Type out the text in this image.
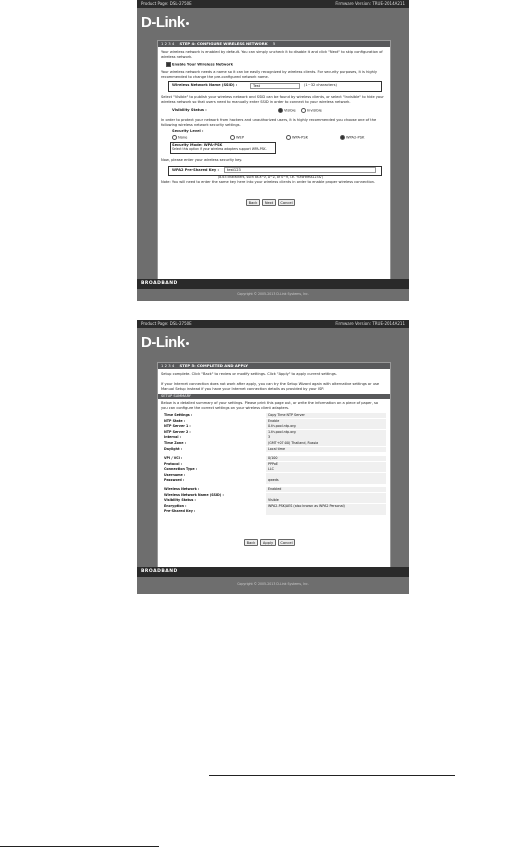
Product Page: DSL-2750E	Firmware Version: TRUE-2014A211
D-Link
1 2 3 4 STEP 4: CONFIGURE WIRELESS NETWORK 5
Your wireless network is enabled by default. You can simply uncheck it to disable it and click "Next" to skip configuration of wireless network.
Enable Your Wireless Network
Your wireless network needs a name so it can be easily recognized by wireless clients. For security purposes, it is highly recommended to change the pre-configured network name.
Wireless Network Name (SSID) :	Test	(1~32 characters)
Select "Visible" to publish your wireless network and SSID can be found by wireless clients, or select "Invisible" to hide your wireless network so that users need to manually enter SSID in order to connect to your wireless network.
Visibility Status :	Visible	Invisible
In order to protect your network from hackers and unauthorized users, it is highly recommended you choose one of the following wireless network security settings.
Security Level :
None	WEP	WPA-PSK	WPA2-PSK
Security Mode: WPA-PSK
Select this option if your wireless adapters support WPA-PSK.
Now, please enter your wireless security key.
WPA2 Pre-Shared Key :	test123
(8-63 characters, such as a~z, A~Z, or 0~9, i.e. '%Fortress123&')
Note: You will need to enter the same key here into your wireless clients in order to enable proper wireless connection.
Back	Next	Cancel
BROADBAND
Copyright © 2005-2013 D-Link Systems, Inc.
Product Page: DSL-2750E	Firmware Version: TRUE-2014A211
D-Link
1 2 3 4 STEP 5: COMPLETED AND APPLY
Setup complete. Click "Back" to review or modify settings. Click "Apply" to apply current settings.
If your Internet connection does not work after apply, you can try the Setup Wizard again with alternative settings or use Manual Setup instead if you have your Internet connection details as provided by your ISP.
SETUP SUMMARY
Below is a detailed summary of your settings. Please print this page out, or write the information on a piece of paper, so you can configure the correct settings on your wireless client adapters.
Time Settings :	Copy Time NTP Server
NTP State :	Enable
NTP Server 1 :	0.th.pool.ntp.org
NTP Server 2 :	1.th.pool.ntp.org
Interval :	3
Time Zone :	(GMT+07:00) Thailand, Russia
Daylight :	Local time
VPI / VCI :	0/100
Protocol :	PPPoE
Connection Type :	LLC
Username :
Password :	qweds
Wireless Network :	Enabled
Wireless Network Name (SSID) :
Visibility Status :	Visible
Encryption :	WPA2-PSK/AES (also known as WPA2 Personal)
Pre-Shared Key :
Back	Apply	Cancel
BROADBAND
Copyright © 2005-2013 D-Link Systems, Inc.
